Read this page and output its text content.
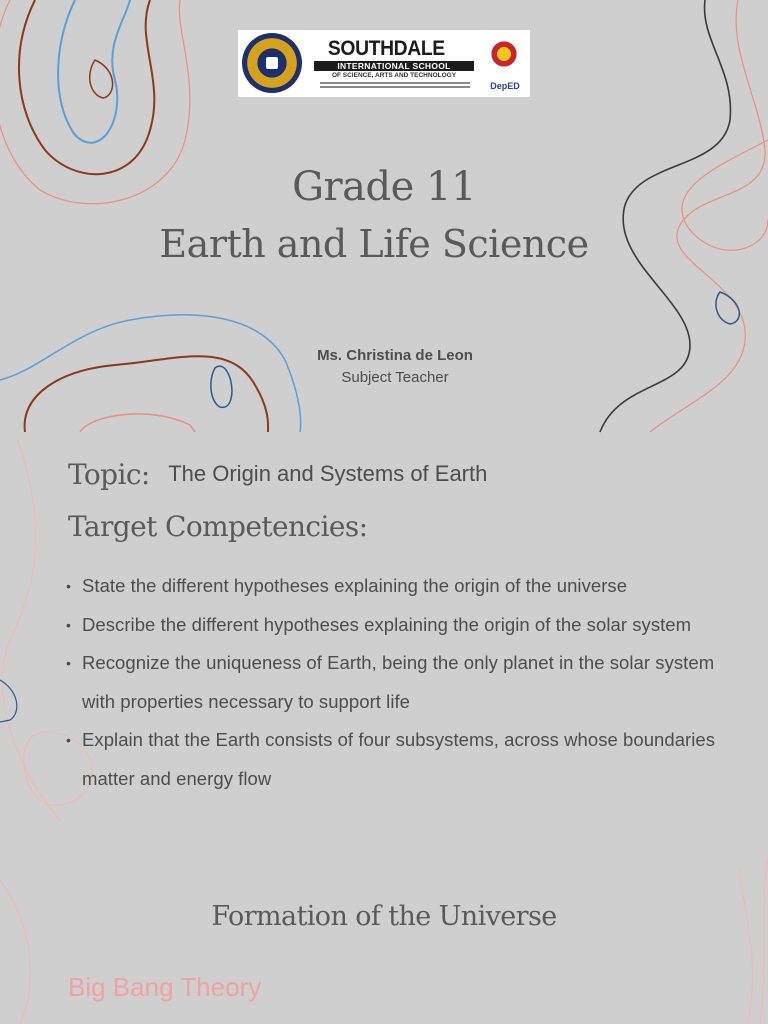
SOUTHDALE
INTERNATIONAL SCHOOL
OF SCIENCE, ARTS AND TECHNOLOGY
DepED
Grade 11
Earth and Life Science
Ms. Christina de Leon
Subject Teacher
Topic: The Origin and Systems of Earth
Target Competencies:
• State the different hypotheses explaining the origin of the universe
• Describe the different hypotheses explaining the origin of the solar system
• Recognize the uniqueness of Earth, being the only planet in the solar system with properties necessary to support life
• Explain that the Earth consists of four subsystems, across whose boundaries matter and energy flow
Formation of the Universe
Big Bang Theory
